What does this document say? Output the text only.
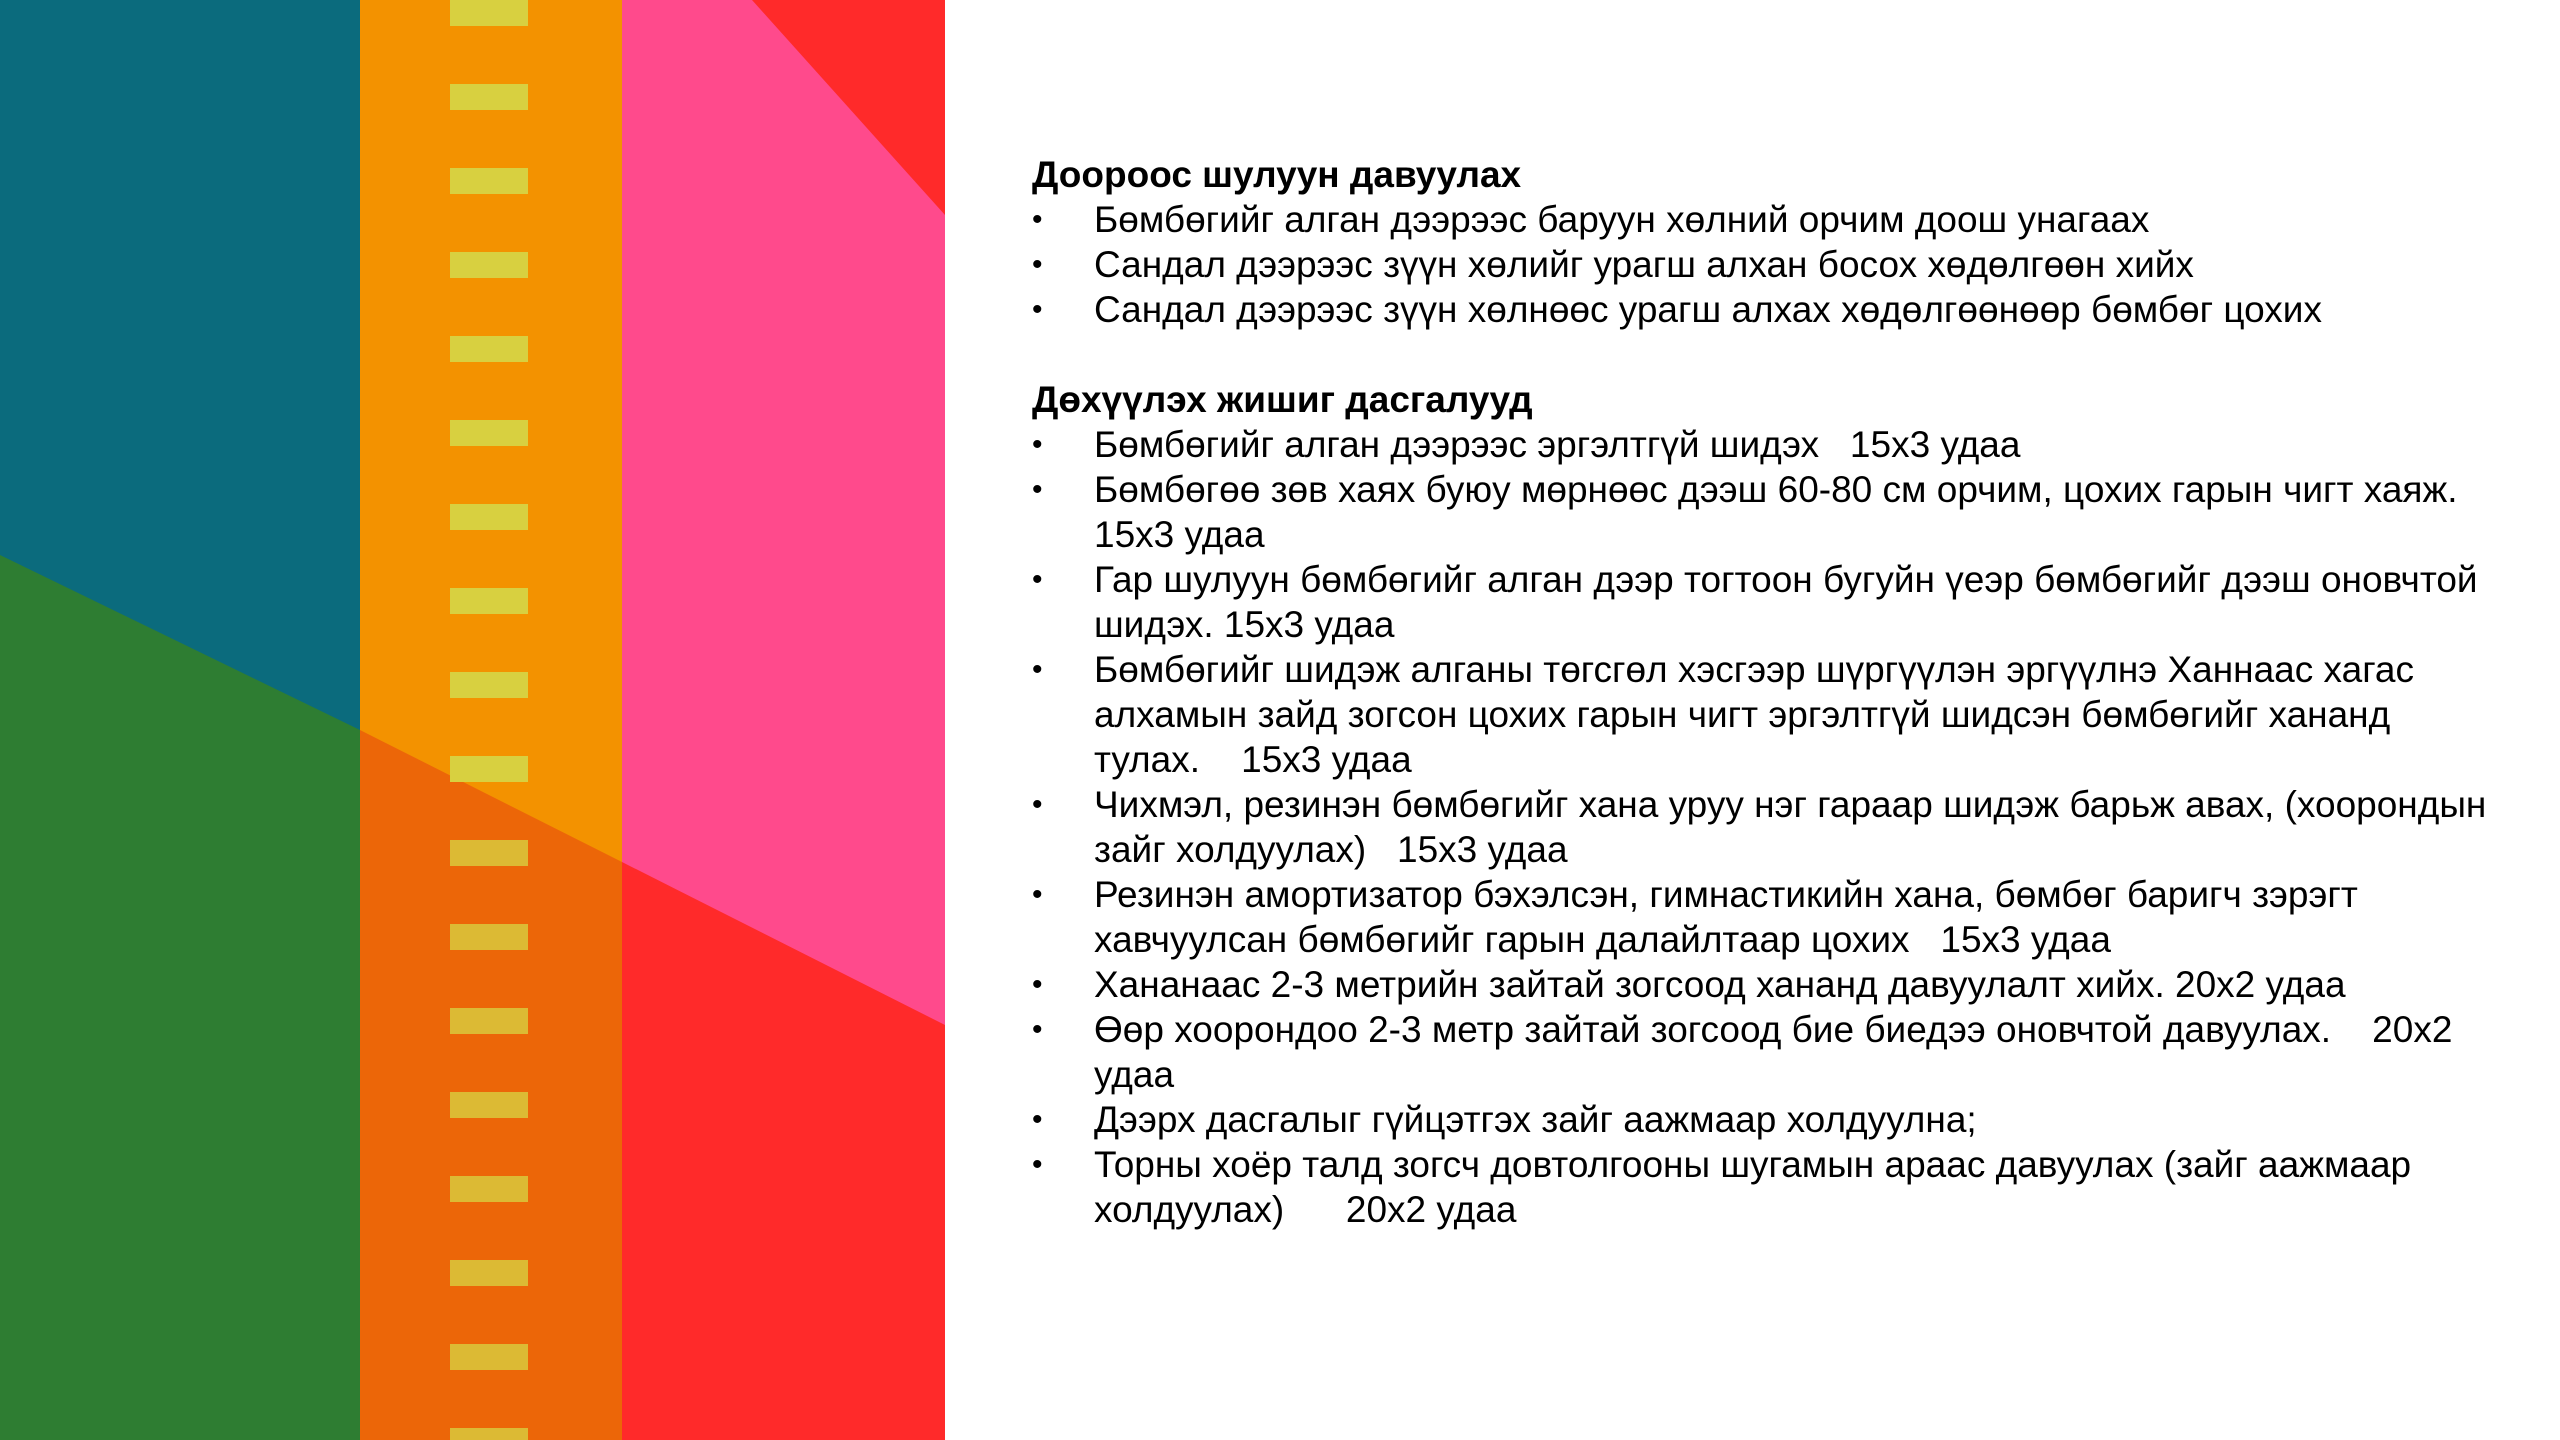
Доороос шулуун давуулах

•	Бөмбөгийг алган дээрээс баруун хөлний орчим доош унагаах
•	Сандал дээрээс зүүн хөлийг урагш алхан босох хөдөлгөөн хийх
•	Сандал дээрээс зүүн хөлнөөс урагш алхах хөдөлгөөнөөр бөмбөг цохих

Дөхүүлэх жишиг дасгалууд

•	Бөмбөгийг алган дээрээс эргэлтгүй шидэх   15х3 удаа
•	Бөмбөгөө зөв хаях буюу мөрнөөс дээш 60-80 см орчим, цохих гарын чигт хаяж. 15х3 удаа
•	Гар шулуун бөмбөгийг алган дээр тогтоон бугуйн үеэр бөмбөгийг дээш оновчтой шидэх. 15х3 удаа
•	Бөмбөгийг шидэж алганы төгсгөл хэсгээр шүргүүлэн эргүүлнэ Ханнаас хагас алхамын зайд зогсон цохих гарын чигт эргэлтгүй шидсэн бөмбөгийг хананд тулах.    15х3 удаа
•	Чихмэл, резинэн бөмбөгийг хана уруу нэг гараар шидэж барьж авах, (хоорондын зайг холдуулах)   15х3 удаа
•	Резинэн амортизатор бэхэлсэн, гимнастикийн хана, бөмбөг баригч зэрэгт хавчуулсан бөмбөгийг гарын далайлтаар цохих   15х3 удаа
•	Хананаас 2-3 метрийн зайтай зогсоод хананд давуулалт хийх. 20х2 удаа
•	Өөр хоорондоо 2-3 метр зайтай зогсоод бие биедээ оновчтой давуулах.    20х2 удаа
•	Дээрх дасгалыг гүйцэтгэх зайг аажмаар холдуулна;
•	Торны хоёр талд зогсч довтолгооны шугамын араас давуулах (зайг аажмаар холдуулах)      20х2 удаа
